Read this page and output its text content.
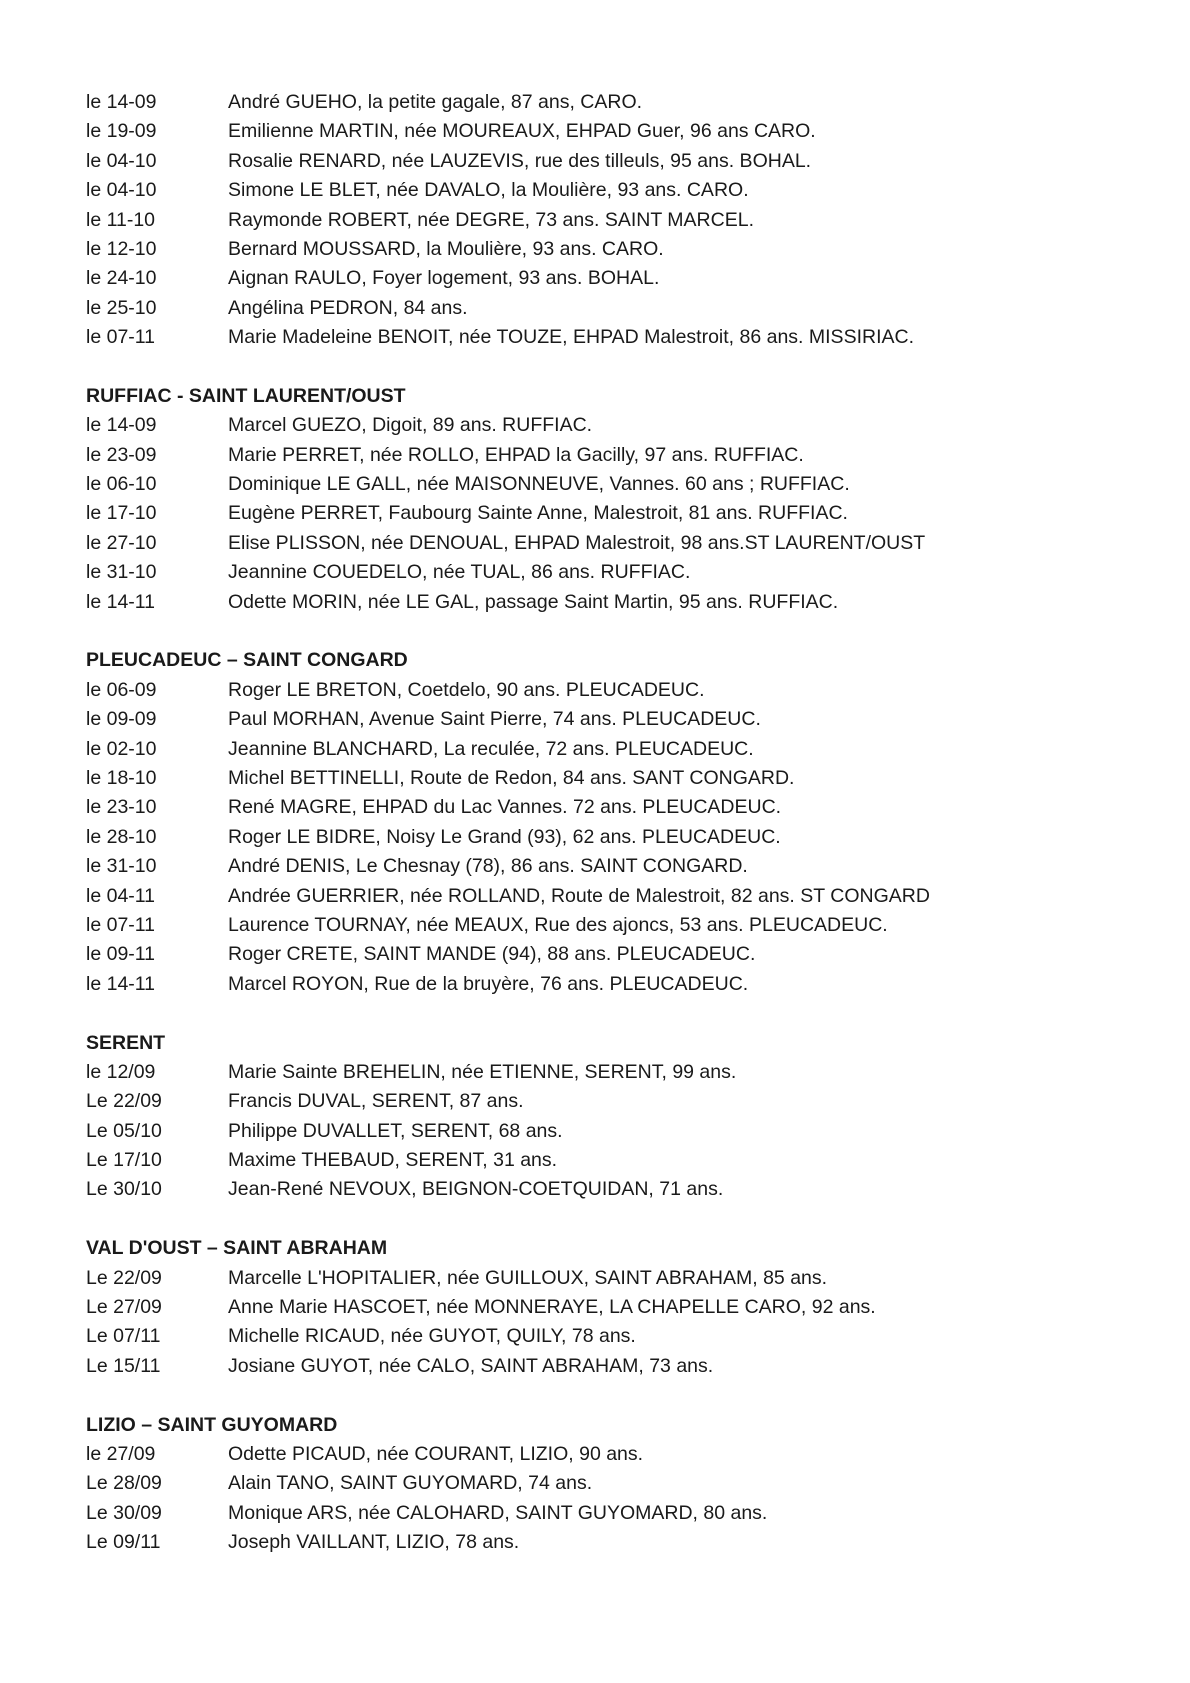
le 14-09	André GUEHO, la petite gagale, 87 ans, CARO.
le 19-09	Emilienne MARTIN, née MOUREAUX, EHPAD Guer, 96 ans CARO.
le 04-10	Rosalie RENARD, née LAUZEVIS, rue des tilleuls, 95 ans. BOHAL.
le 04-10	Simone LE BLET, née DAVALO, la Moulière, 93 ans. CARO.
le 11-10	Raymonde ROBERT, née DEGRE, 73 ans. SAINT MARCEL.
le 12-10	Bernard MOUSSARD, la Moulière, 93 ans. CARO.
le 24-10	Aignan RAULO, Foyer logement, 93 ans. BOHAL.
le 25-10	Angélina PEDRON, 84 ans.
le 07-11	Marie Madeleine BENOIT, née TOUZE, EHPAD Malestroit, 86 ans. MISSIRIAC.
RUFFIAC - SAINT LAURENT/OUST
le 14-09	Marcel GUEZO, Digoit, 89 ans. RUFFIAC.
le 23-09	Marie PERRET, née ROLLO, EHPAD la Gacilly, 97 ans. RUFFIAC.
le 06-10	Dominique LE GALL, née MAISONNEUVE, Vannes. 60 ans ; RUFFIAC.
le 17-10	Eugène PERRET, Faubourg Sainte Anne, Malestroit, 81 ans. RUFFIAC.
le 27-10	Elise PLISSON, née DENOUAL, EHPAD Malestroit, 98 ans.ST LAURENT/OUST
le 31-10	Jeannine COUEDELO, née TUAL, 86 ans. RUFFIAC.
le 14-11	Odette MORIN, née LE GAL, passage Saint Martin, 95 ans. RUFFIAC.
PLEUCADEUC – SAINT CONGARD
le 06-09	Roger LE BRETON, Coetdelo, 90 ans. PLEUCADEUC.
le 09-09	Paul MORHAN, Avenue Saint Pierre, 74 ans. PLEUCADEUC.
le 02-10	Jeannine BLANCHARD, La reculée, 72 ans. PLEUCADEUC.
le 18-10	Michel BETTINELLI, Route de Redon, 84 ans. SANT CONGARD.
le 23-10	René MAGRE, EHPAD du Lac Vannes. 72 ans. PLEUCADEUC.
le 28-10	Roger LE BIDRE, Noisy Le Grand (93), 62 ans. PLEUCADEUC.
le 31-10	André DENIS, Le Chesnay (78), 86 ans. SAINT CONGARD.
le 04-11	Andrée GUERRIER, née ROLLAND, Route de Malestroit, 82 ans. ST CONGARD
le 07-11	Laurence TOURNAY, née MEAUX, Rue des ajoncs, 53 ans. PLEUCADEUC.
le 09-11	Roger CRETE, SAINT MANDE (94), 88 ans. PLEUCADEUC.
le 14-11	Marcel ROYON, Rue de la bruyère, 76 ans. PLEUCADEUC.
SERENT
le 12/09	Marie Sainte BREHELIN, née ETIENNE, SERENT, 99 ans.
Le 22/09	Francis DUVAL, SERENT, 87 ans.
Le 05/10	Philippe DUVALLET, SERENT, 68 ans.
Le 17/10	Maxime THEBAUD, SERENT, 31 ans.
Le 30/10	Jean-René NEVOUX, BEIGNON-COETQUIDAN, 71 ans.
VAL D'OUST – SAINT ABRAHAM
Le 22/09	Marcelle L'HOPITALIER, née GUILLOUX, SAINT ABRAHAM, 85 ans.
Le 27/09	Anne Marie HASCOET, née MONNERAYE, LA CHAPELLE CARO, 92 ans.
Le 07/11	Michelle RICAUD, née GUYOT, QUILY, 78 ans.
Le 15/11	Josiane GUYOT, née CALO, SAINT ABRAHAM, 73 ans.
LIZIO – SAINT GUYOMARD
le 27/09	Odette PICAUD, née COURANT, LIZIO, 90 ans.
Le 28/09	Alain TANO, SAINT GUYOMARD, 74 ans.
Le 30/09	Monique ARS, née CALOHARD, SAINT GUYOMARD, 80 ans.
Le 09/11	Joseph VAILLANT, LIZIO, 78 ans.
